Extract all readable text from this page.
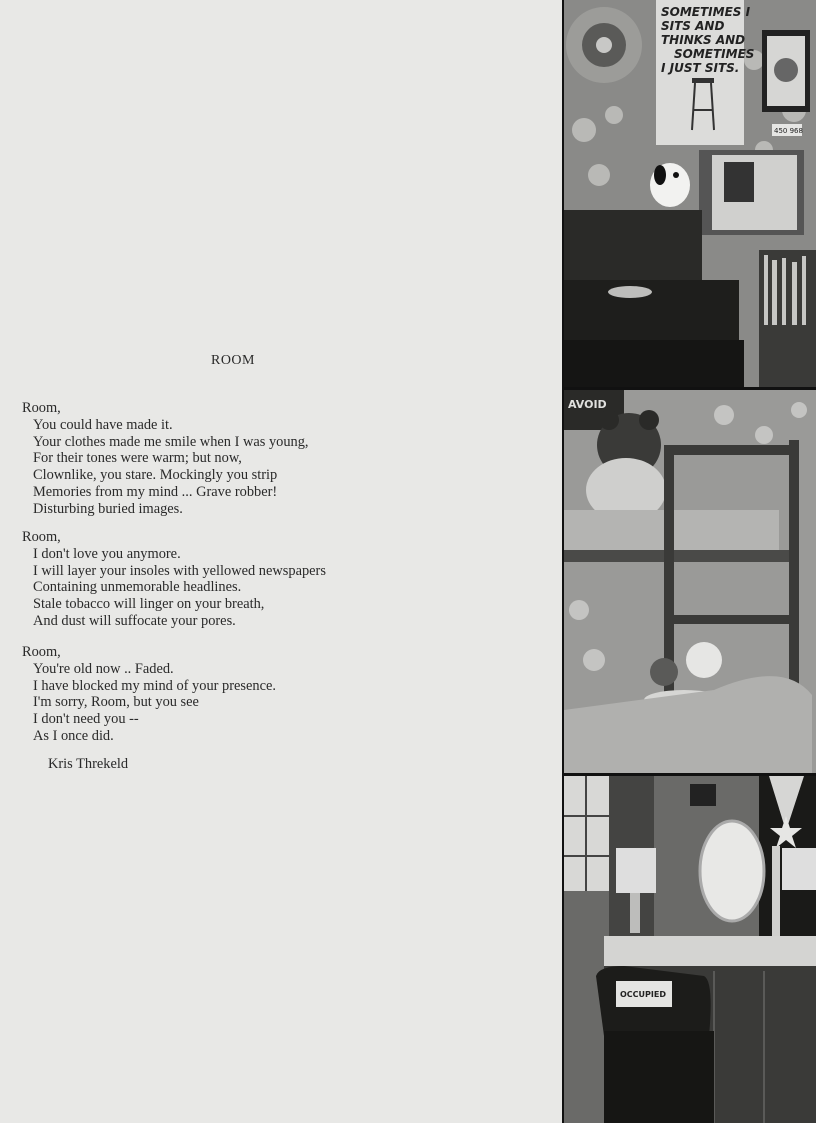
ROOM
Room,
You could have made it.
Your clothes made me smile when I was young,
For their tones were warm; but now,
Clownlike, you stare. Mockingly you strip
Memories from my mind ... Grave robber!
Disturbing buried images.
Room,
I don't love you anymore.
I will layer your insoles with yellowed newspapers
Containing unmemorable headlines.
Stale tobacco will linger on your breath,
And dust will suffocate your pores.
Room,
You're old now .. Faded.
I have blocked my mind of your presence.
I'm sorry, Room, but you see
I don't need you --
As I once did.
Kris Threkeld
SOMETIMES I
SITS AND
THINKS AND
SOMETIMES
I JUST SITS.
450 968
AVOID
OCCUPIED
